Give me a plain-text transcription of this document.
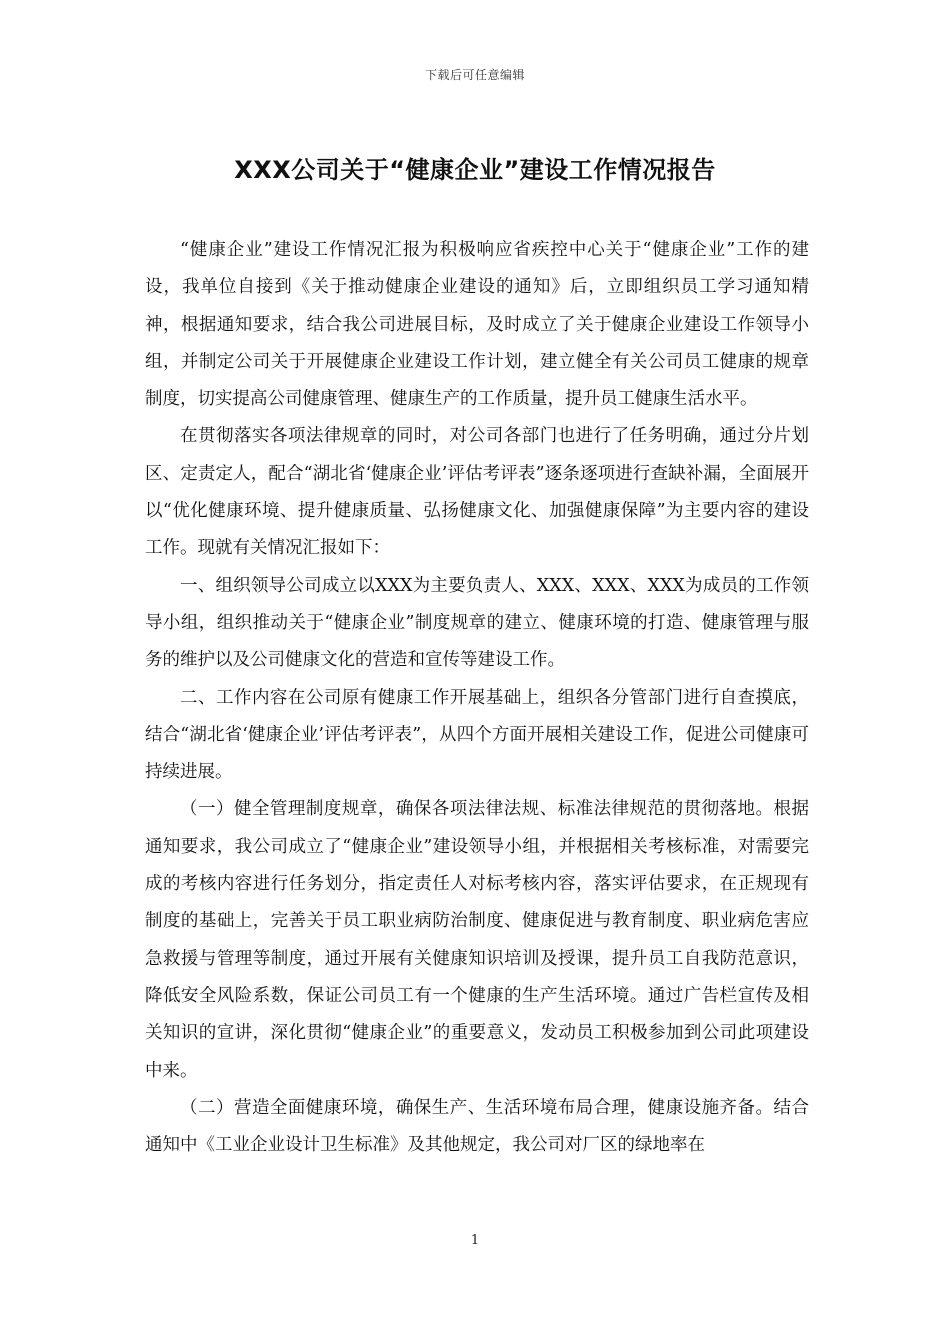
下载后可任意编辑
XXX公司关于“健康企业”建设工作情况报告

“健康企业”建设工作情况汇报为积极响应省疾控中心关于“健康企业”工作的建设，我单位自接到《关于推动健康企业建设的通知》后，立即组织员工学习通知精神，根据通知要求，结合我公司进展目标，及时成立了关于健康企业建设工作领导小组，并制定公司关于开展健康企业建设工作计划，建立健全有关公司员工健康的规章制度，切实提高公司健康管理、健康生产的工作质量，提升员工健康生活水平。

在贯彻落实各项法律规章的同时，对公司各部门也进行了任务明确，通过分片划区、定责定人，配合“湖北省‘健康企业’评估考评表”逐条逐项进行查缺补漏，全面展开以“优化健康环境、提升健康质量、弘扬健康文化、加强健康保障”为主要内容的建设工作。现就有关情况汇报如下：

一、组织领导公司成立以XXX为主要负责人、XXX、XXX、XXX为成员的工作领导小组，组织推动关于“健康企业”制度规章的建立、健康环境的打造、健康管理与服务的维护以及公司健康文化的营造和宣传等建设工作。

二、工作内容在公司原有健康工作开展基础上，组织各分管部门进行自查摸底，结合“湖北省‘健康企业’评估考评表”，从四个方面开展相关建设工作，促进公司健康可持续进展。

（一）健全管理制度规章，确保各项法律法规、标准法律规范的贯彻落地。根据通知要求，我公司成立了“健康企业”建设领导小组，并根据相关考核标准，对需要完成的考核内容进行任务划分，指定责任人对标考核内容，落实评估要求，在正规现有制度的基础上，完善关于员工职业病防治制度、健康促进与教育制度、职业病危害应急救援与管理等制度，通过开展有关健康知识培训及授课，提升员工自我防范意识，降低安全风险系数，保证公司员工有一个健康的生产生活环境。通过广告栏宣传及相关知识的宣讲，深化贯彻“健康企业”的重要意义，发动员工积极参加到公司此项建设中来。

（二）营造全面健康环境，确保生产、生活环境布局合理，健康设施齐备。结合通知中《工业企业设计卫生标准》及其他规定，我公司对厂区的绿地率在

1
